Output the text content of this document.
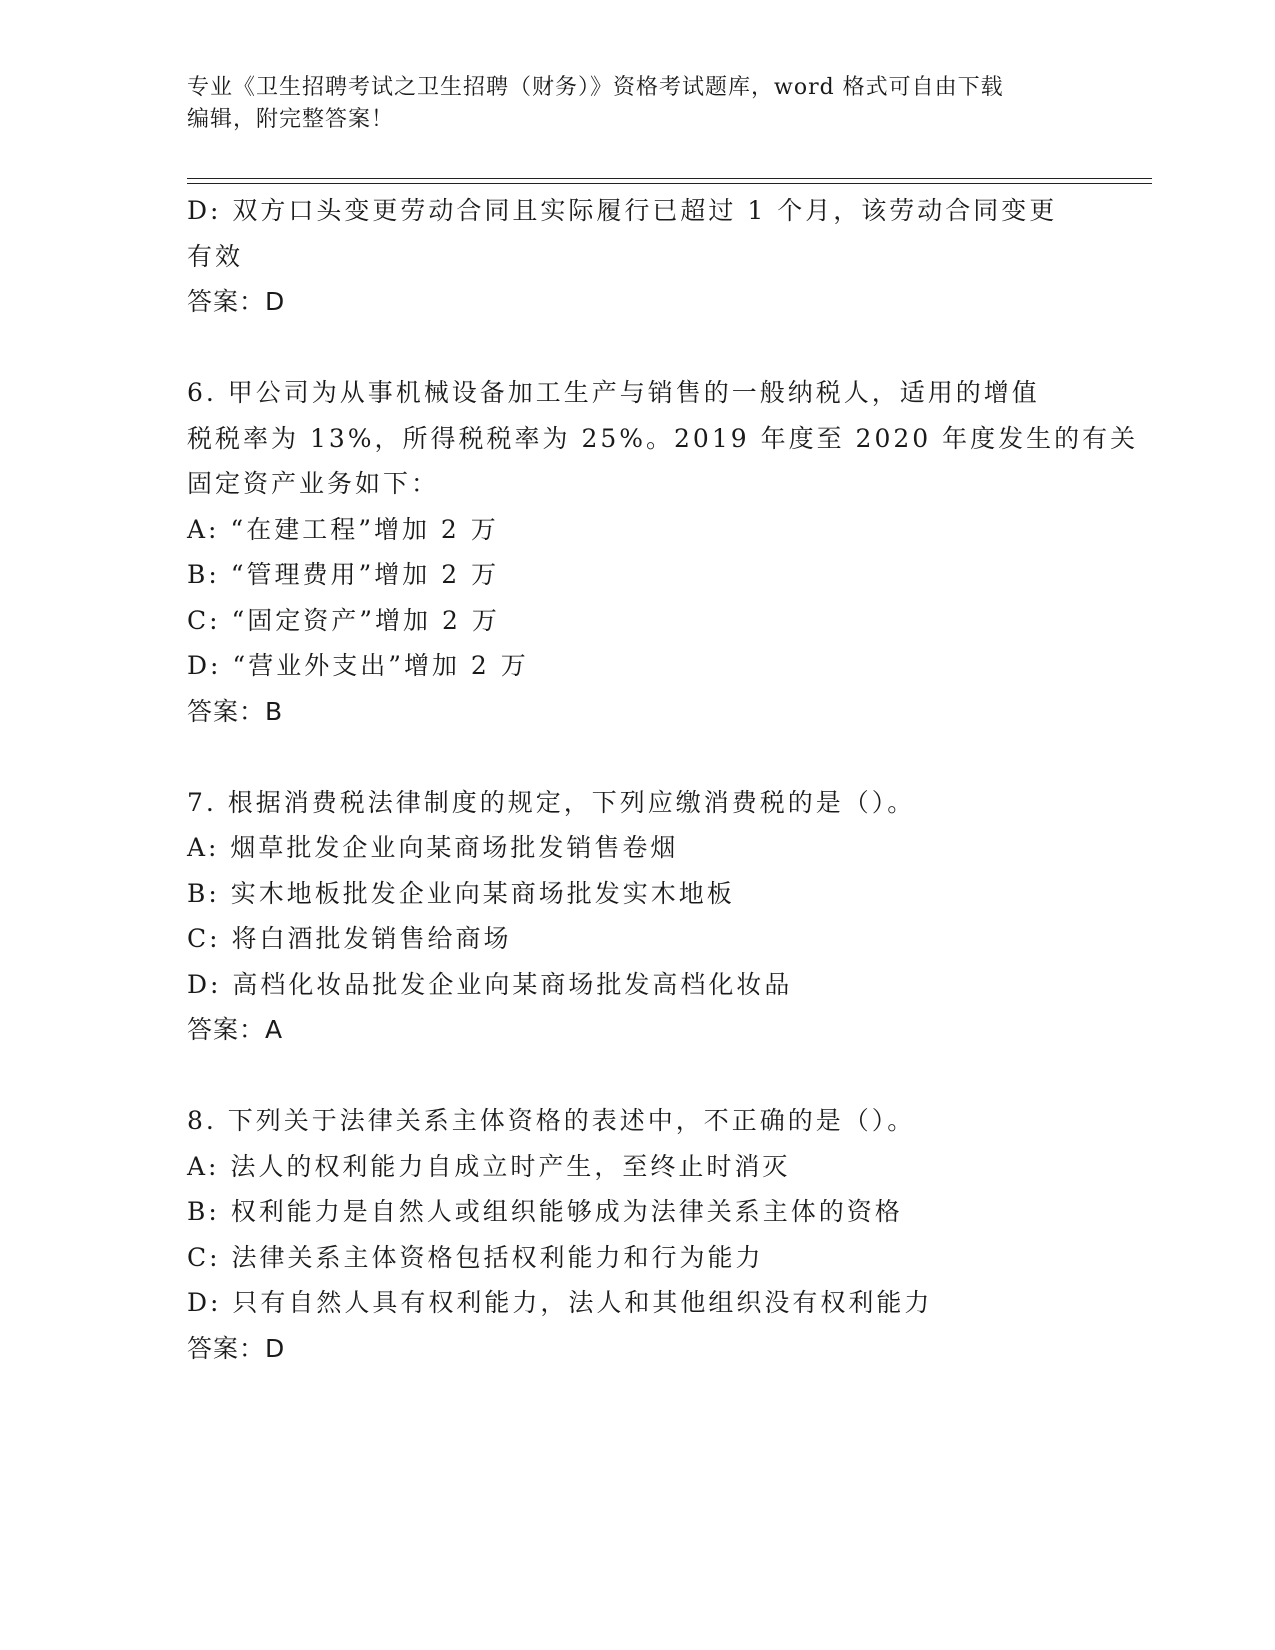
专业《卫生招聘考试之卫生招聘（财务）》资格考试题库，word 格式可自由下载
编辑，附完整答案！
D: 双方口头变更劳动合同且实际履行已超过 1 个月，该劳动合同变更
有效
答案：D
6. 甲公司为从事机械设备加工生产与销售的一般纳税人，适用的增值
税税率为 13%，所得税税率为 25%。2019 年度至 2020 年度发生的有关
固定资产业务如下：
A: “在建工程”增加 2 万
B: “管理费用”增加 2 万
C: “固定资产”增加 2 万
D: “营业外支出”增加 2 万
答案：B
7. 根据消费税法律制度的规定，下列应缴消费税的是（）。
A: 烟草批发企业向某商场批发销售卷烟
B: 实木地板批发企业向某商场批发实木地板
C: 将白酒批发销售给商场
D: 高档化妆品批发企业向某商场批发高档化妆品
答案：A
8. 下列关于法律关系主体资格的表述中，不正确的是（）。
A: 法人的权利能力自成立时产生，至终止时消灭
B: 权利能力是自然人或组织能够成为法律关系主体的资格
C: 法律关系主体资格包括权利能力和行为能力
D: 只有自然人具有权利能力，法人和其他组织没有权利能力
答案：D
